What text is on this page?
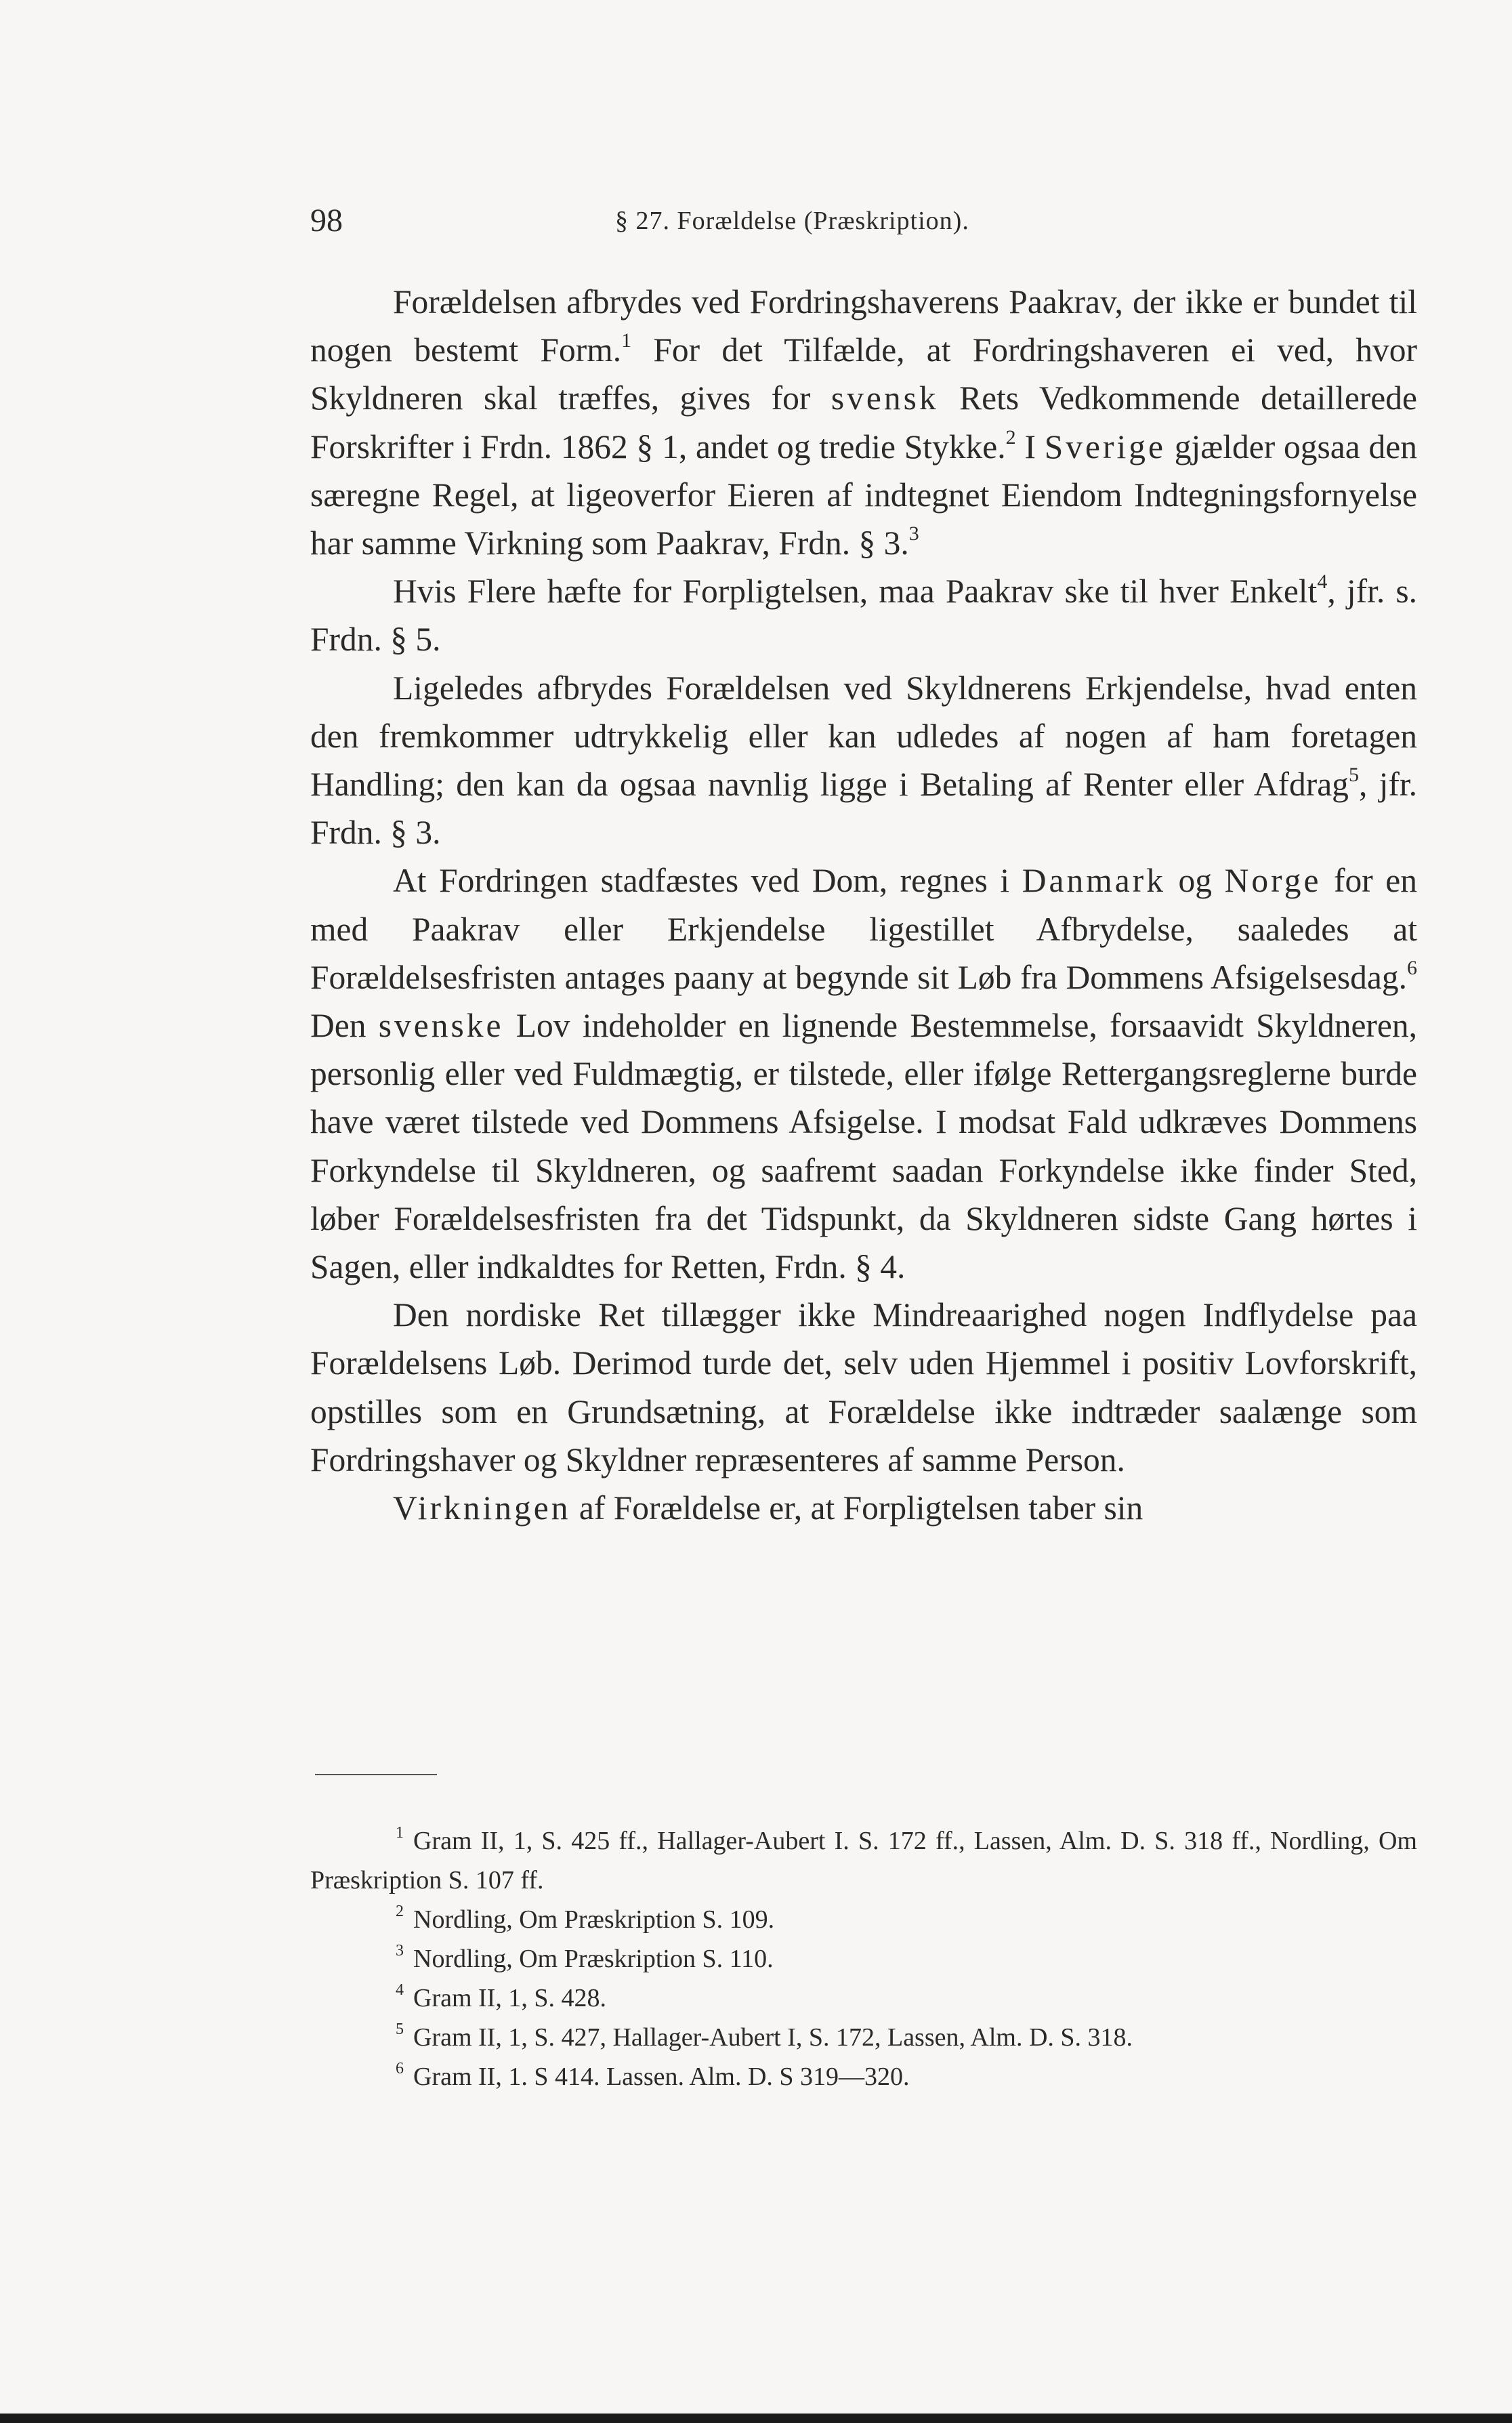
98	§ 27. Forældelse (Præskription).

Forældelsen afbrydes ved Fordringshaverens Paakrav, der ikke er bundet til nogen bestemt Form.$^1$ For det Tilfælde, at Fordringshaveren ei ved, hvor Skyldneren skal træffes, gives for svensk Rets Vedkommende detaillerede Forskrifter i Frdn. 1862 § 1, andet og tredie Stykke.$^2$ I Sverige gjælder ogsaa den særegne Regel, at ligeoverfor Eieren af indtegnet Eiendom Indtegningsfornyelse har samme Virkning som Paakrav, Frdn. § 3.$^3$

Hvis Flere hæfte for Forpligtelsen, maa Paakrav ske til hver Enkelt$^4$, jfr. s. Frdn. § 5.

Ligeledes afbrydes Forældelsen ved Skyldnerens Erkjendelse, hvad enten den fremkommer udtrykkelig eller kan udledes af nogen af ham foretagen Handling; den kan da ogsaa navnlig ligge i Betaling af Renter eller Afdrag$^5$, jfr. Frdn. § 3.

At Fordringen stadfæstes ved Dom, regnes i Danmark og Norge for en med Paakrav eller Erkjendelse ligestillet Afbrydelse, saaledes at Forældelsesfristen antages paany at begynde sit Løb fra Dommens Afsigelsesdag.$^6$ Den svenske Lov indeholder en lignende Bestemmelse, forsaavidt Skyldneren, personlig eller ved Fuldmægtig, er tilstede, eller ifølge Rettergangsreglerne burde have været tilstede ved Dommens Afsigelse. I modsat Fald udkræves Dommens Forkyndelse til Skyldneren, og saafremt saadan Forkyndelse ikke finder Sted, løber Forældelsesfristen fra det Tidspunkt, da Skyldneren sidste Gang hørtes i Sagen, eller indkaldtes for Retten, Frdn. § 4.

Den nordiske Ret tillægger ikke Mindreaarighed nogen Indflydelse paa Forældelsens Løb. Derimod turde det, selv uden Hjemmel i positiv Lovforskrift, opstilles som en Grundsætning, at Forældelse ikke indtræder saalænge som Fordringshaver og Skyldner repræsenteres af samme Person.

Virkningen af Forældelse er, at Forpligtelsen taber sin

$^1$ Gram II, 1, S. 425 ff., Hallager-Aubert I. S. 172 ff., Lassen, Alm. D. S. 318 ff., Nordling, Om Præskription S. 107 ff.

$^2$ Nordling, Om Præskription S. 109.

$^3$ Nordling, Om Præskription S. 110.

$^4$ Gram II, 1, S. 428.

$^5$ Gram II, 1, S. 427, Hallager-Aubert I, S. 172, Lassen, Alm. D. S. 318.

$^6$ Gram II, 1. S 414. Lassen. Alm. D. S 319—320.
